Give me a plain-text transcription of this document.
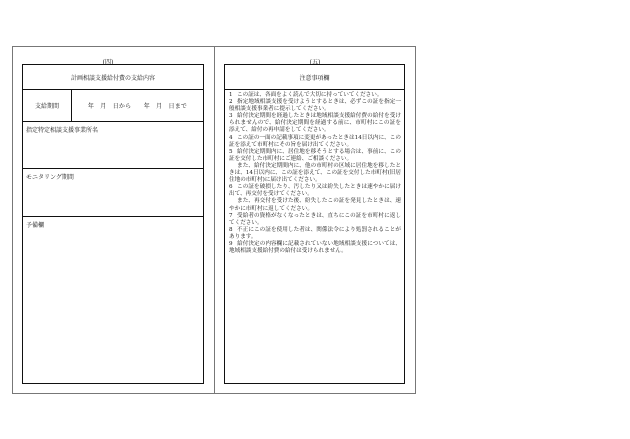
(四)	(五)
計画相談支援給付費の支給内容
支給期間	年　月　日から　　年　月　日まで
指定特定相談支援事業所名
モニタリング期間
予備欄
注意事項欄

1 この証は、各面をよく読んで大切に持っていてください。

2 指定地域相談支援を受けようとするときは、必ずこの証を指定一般相談支援事業者に提示してください。

3 給付決定期間を経過したときは地域相談支援給付費の給付を受けられませんので、給付決定期間を経過する前に、市町村にこの証を添えて、給付の再申請をしてください。

4 この証の一面の記載事項に変更があったときは14日以内に、この証を添えて市町村にその旨を届け出てください。

5 給付決定期間内に、居住地を移そうとする場合は、事前に、この証を交付した市町村にご連絡、ご相談ください。

また、給付決定期間内に、他の市町村の区域に居住地を移したときは、14日以内に、この証を添えて、この証を交付した市町村(旧居住地の市町村)に届け出てください。

6 この証を破損したり、汚したり又は紛失したときは速やかに届け出て、再交付を受けてください。

また、再交付を受けた後、紛失したこの証を発見したときは、速やかに市町村に返してください。

7 受給者の資格がなくなったときは、直ちにこの証を市町村に返してください。

8 不正にこの証を使用した者は、関係法令により処罰されることがあります。

9 給付決定の内容欄に記載されていない地域相談支援については、地域相談支援給付費の給付は受けられません。
